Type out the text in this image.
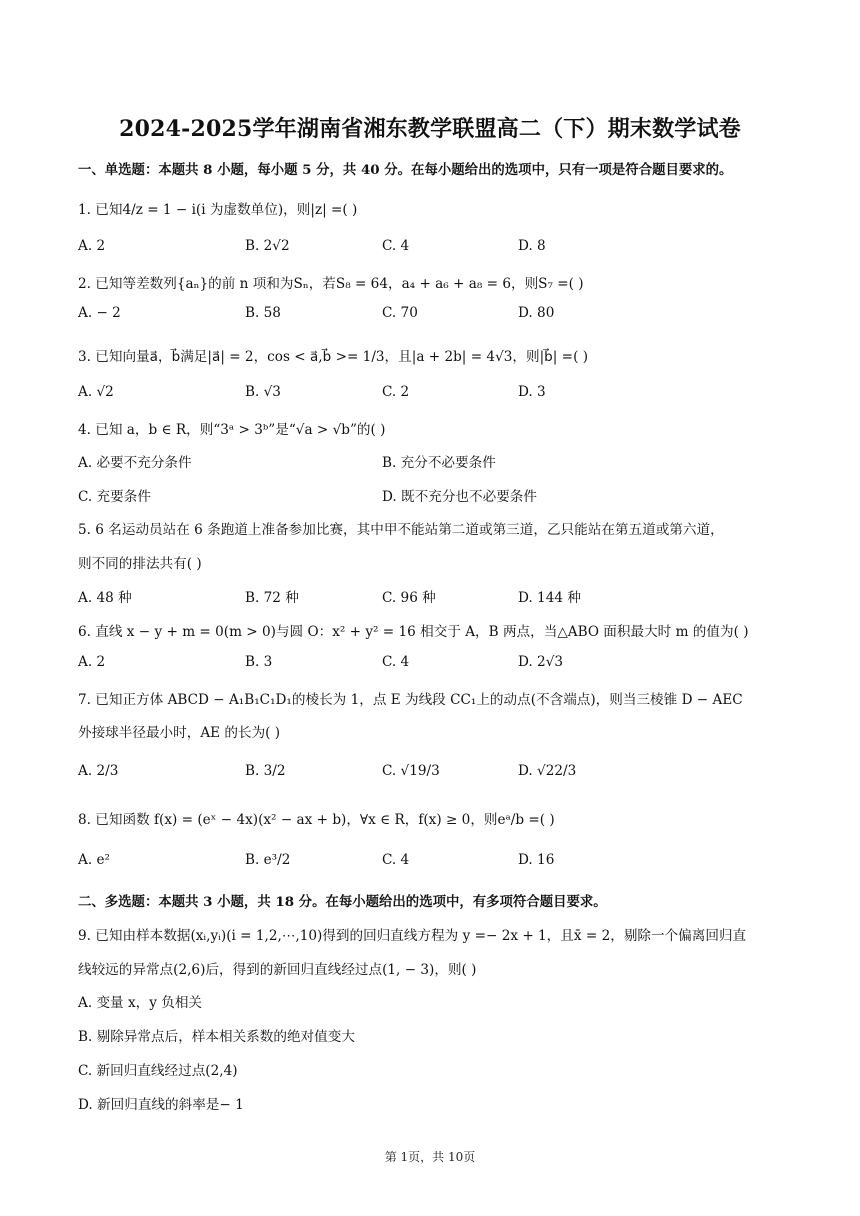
2024-2025学年湖南省湘东教学联盟高二（下）期末数学试卷
一、单选题：本题共 8 小题，每小题 5 分，共 40 分。在每小题给出的选项中，只有一项是符合题目要求的。
1. 已知4/z = 1 − i(i 为虚数单位)，则|z| =( )
A. 2	B. 2√2	C. 4	D. 8
2. 已知等差数列{aₙ}的前 n 项和为Sₙ，若S₈ = 64，a₄ + a₆ + a₈ = 6，则S₇ =( )
A. − 2	B. 58	C. 70	D. 80
3. 已知向量a⃗，b⃗满足|a⃗| = 2，cos < a⃗,b⃗ >= 1/3，且|a + 2b| = 4√3，则|b⃗| =( )
A. √2	B. √3	C. 2	D. 3
4. 已知 a，b ∈ R，则“3ᵃ > 3ᵇ”是“√a > √b”的( )
A. 必要不充分条件	B. 充分不必要条件
C. 充要条件	D. 既不充分也不必要条件
5. 6 名运动员站在 6 条跑道上准备参加比赛，其中甲不能站第二道或第三道，乙只能站在第五道或第六道，
则不同的排法共有( )
A. 48 种	B. 72 种	C. 96 种	D. 144 种
6. 直线 x − y + m = 0(m > 0)与圆 O：x² + y² = 16 相交于 A，B 两点，当△ABO 面积最大时 m 的值为( )
A. 2	B. 3	C. 4	D. 2√3
7. 已知正方体 ABCD − A₁B₁C₁D₁的棱长为 1，点 E 为线段 CC₁上的动点(不含端点)，则当三棱锥 D − AEC
外接球半径最小时，AE 的长为( )
A. 2/3	B. 3/2	C. √19/3	D. √22/3
8. 已知函数 f(x) = (eˣ − 4x)(x² − ax + b)，∀x ∈ R，f(x) ≥ 0，则eᵃ/b =( )
A. e²	B. e³/2	C. 4	D. 16
二、多选题：本题共 3 小题，共 18 分。在每小题给出的选项中，有多项符合题目要求。
9. 已知由样本数据(xᵢ,yᵢ)(i = 1,2,⋯,10)得到的回归直线方程为 y =− 2x + 1，且x̄ = 2，剔除一个偏离回归直
线较远的异常点(2,6)后，得到的新回归直线经过点(1, − 3)，则( )
A. 变量 x，y 负相关
B. 剔除异常点后，样本相关系数的绝对值变大
C. 新回归直线经过点(2,4)
D. 新回归直线的斜率是− 1
第 1页，共 10页
